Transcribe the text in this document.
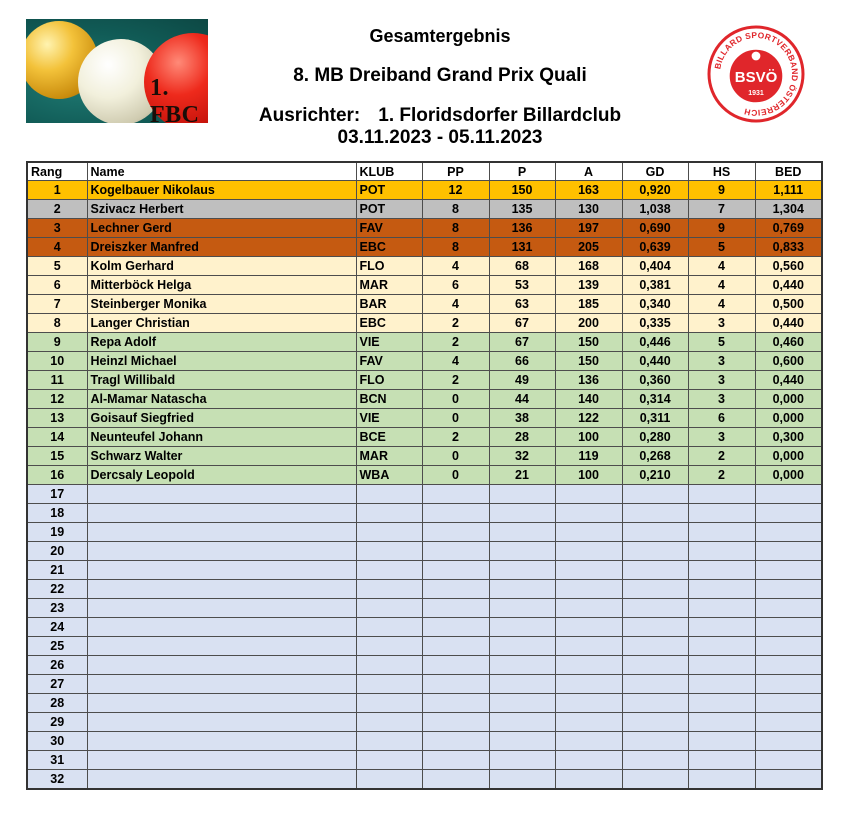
1. FBC
Gesamtergebnis
8. MB Dreiband Grand Prix Quali
Ausrichter: 1. Floridsdorfer Billardclub
03.11.2023 - 05.11.2023
BILLARD SPORTVERBAND ÖSTERREICH
BSVÖ
1931
Rang	Name	KLUB	PP	P	A	GD	HS	BED
1	Kogelbauer Nikolaus	POT	12	150	163	0,920	9	1,111
2	Szivacz Herbert	POT	8	135	130	1,038	7	1,304
3	Lechner Gerd	FAV	8	136	197	0,690	9	0,769
4	Dreiszker Manfred	EBC	8	131	205	0,639	5	0,833
5	Kolm Gerhard	FLO	4	68	168	0,404	4	0,560
6	Mitterböck Helga	MAR	6	53	139	0,381	4	0,440
7	Steinberger Monika	BAR	4	63	185	0,340	4	0,500
8	Langer Christian	EBC	2	67	200	0,335	3	0,440
9	Repa Adolf	VIE	2	67	150	0,446	5	0,460
10	Heinzl Michael	FAV	4	66	150	0,440	3	0,600
11	Tragl Willibald	FLO	2	49	136	0,360	3	0,440
12	Al-Mamar Natascha	BCN	0	44	140	0,314	3	0,000
13	Goisauf Siegfried	VIE	0	38	122	0,311	6	0,000
14	Neunteufel Johann	BCE	2	28	100	0,280	3	0,300
15	Schwarz Walter	MAR	0	32	119	0,268	2	0,000
16	Dercsaly Leopold	WBA	0	21	100	0,210	2	0,000
17								
18								
19								
20								
21								
22								
23								
24								
25								
26								
27								
28								
29								
30								
31								
32								
